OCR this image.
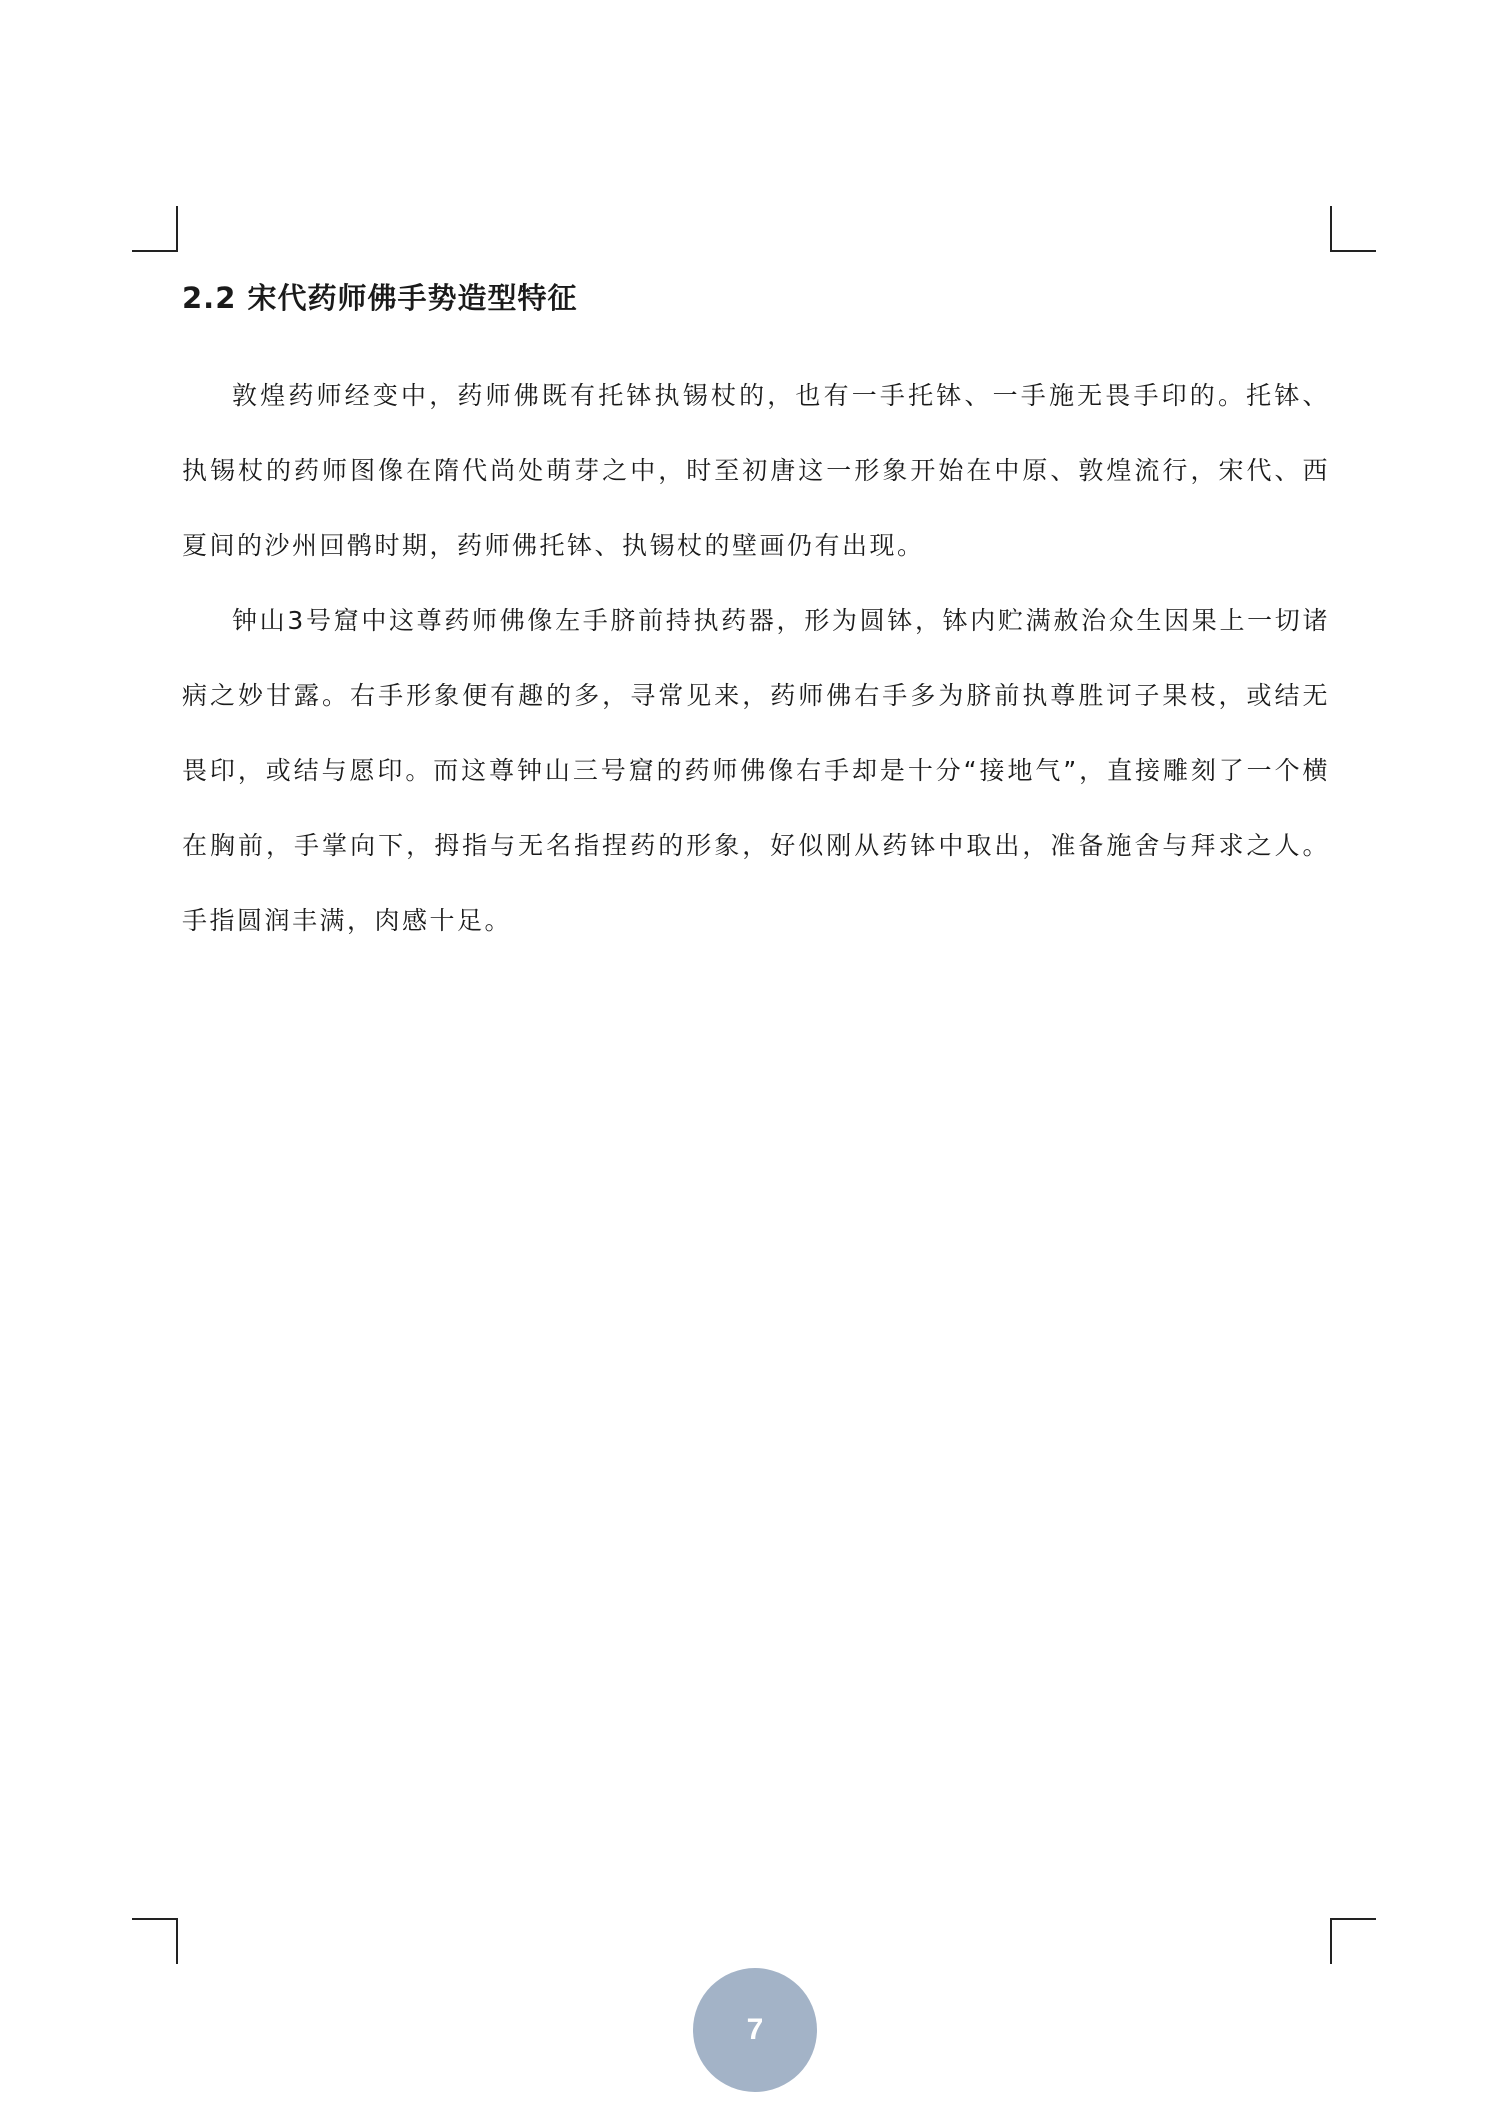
2.2 宋代药师佛手势造型特征

敦煌药师经变中，药师佛既有托钵执锡杖的，也有一手托钵、一手施无畏手印的。托钵、执锡杖的药师图像在隋代尚处萌芽之中，时至初唐这一形象开始在中原、敦煌流行，宋代、西夏间的沙州回鹘时期，药师佛托钵、执锡杖的壁画仍有出现。

钟山3号窟中这尊药师佛像左手脐前持执药器，形为圆钵，钵内贮满赦治众生因果上一切诸病之妙甘露。右手形象便有趣的多，寻常见来，药师佛右手多为脐前执尊胜诃子果枝，或结无畏印，或结与愿印。而这尊钟山三号窟的药师佛像右手却是十分“接地气”，直接雕刻了一个横在胸前，手掌向下，拇指与无名指捏药的形象，好似刚从药钵中取出，准备施舍与拜求之人。手指圆润丰满，肉感十足。

7
